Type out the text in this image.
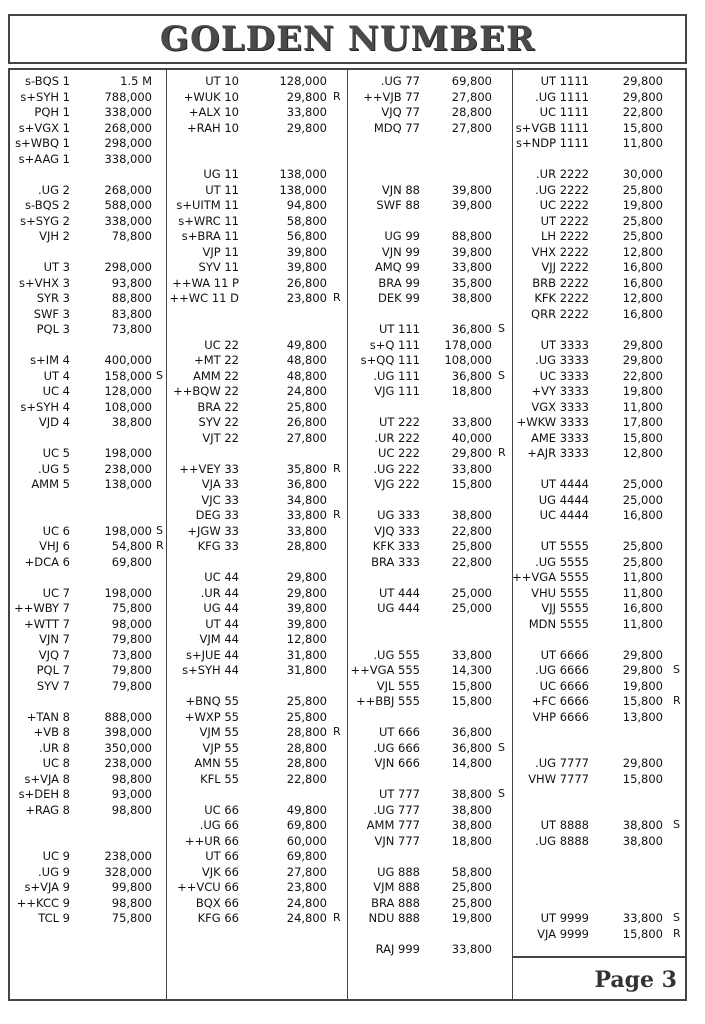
GOLDEN NUMBER
s-BQS 1	1.5 M
s+SYH 1	788,000
PQH 1	338,000
s+VGX 1	268,000
s+WBQ 1	298,000
s+AAG 1	338,000
.UG 2	268,000
s-BQS 2	588,000
s+SYG 2	338,000
VJH 2	78,800
UT 3	298,000
s+VHX 3	93,800
SYR 3	88,800
SWF 3	83,800
PQL 3	73,800
s+IM 4	400,000
UT 4	158,000 S
UC 4	128,000
s+SYH 4	108,000
VJD 4	38,800
UC 5	198,000
.UG 5	238,000
AMM 5	138,000
UC 6	198,000 S
VHJ 6	54,800 R
+DCA 6	69,800
UC 7	198,000
++WBY 7	75,800
+WTT 7	98,000
VJN 7	79,800
VJQ 7	73,800
PQL 7	79,800
SYV 7	79,800
+TAN 8	888,000
+VB 8	398,000
.UR 8	350,000
UC 8	238,000
s+VJA 8	98,800
s+DEH 8	93,000
+RAG 8	98,800
UC 9	238,000
.UG 9	328,000
s+VJA 9	99,800
++KCC 9	98,800
TCL 9	75,800
UT 10	128,000
+WUK 10	29,800 R
+ALX 10	33,800
+RAH 10	29,800
UG 11	138,000
UT 11	138,000
s+UITM 11	94,800
s+WRC 11	58,800
s+BRA 11	56,800
VJP 11	39,800
SYV 11	39,800
++WA 11 P	26,800
++WC 11 D	23,800 R
UC 22	49,800
+MT 22	48,800
AMM 22	48,800
++BQW 22	24,800
BRA 22	25,800
SYV 22	26,800
VJT 22	27,800
++VEY 33	35,800 R
VJA 33	36,800
VJC 33	34,800
DEG 33	33,800 R
+JGW 33	33,800
KFG 33	28,800
UC 44	29,800
.UR 44	29,800
UG 44	39,800
UT 44	39,800
VJM 44	12,800
s+JUE 44	31,800
s+SYH 44	31,800
+BNQ 55	25,800
+WXP 55	25,800
VJM 55	28,800 R
VJP 55	28,800
AMN 55	28,800
KFL 55	22,800
UC 66	49,800
.UG 66	69,800
++UR 66	60,000
UT 66	69,800
VJK 66	27,800
++VCU 66	23,800
BQX 66	24,800
KFG 66	24,800 R
.UG 77	69,800
++VJB 77	27,800
VJQ 77	28,800
MDQ 77	27,800
VJN 88	39,800
SWF 88	39,800
UG 99	88,800
VJN 99	39,800
AMQ 99	33,800
BRA 99	35,800
DEK 99	38,800
UT 111	36,800 S
s+Q 111 178,000
s+QQ 111 108,000
.UG 111	36,800 S
VJG 111	18,800
UT 222	33,800
.UR 222	40,000
UC 222	29,800 R
.UG 222	33,800
VJG 222	15,800
UG 333	38,800
VJQ 333	22,800
KFK 333	25,800
BRA 333	22,800
UT 444	25,000
UG 444	25,000
.UG 555	33,800
++VGA 555	14,300
VJL 555	15,800
++BBJ 555	15,800
UT 666	36,800
.UG 666	36,800 S
VJN 666	14,800
UT 777	38,800 S
.UG 777	38,800
AMM 777	38,800
VJN 777	18,800
UG 888	58,800
VJM 888	25,800
BRA 888	25,800
NDU 888	19,800
RAJ 999	33,800
UT 1111	29,800
.UG 1111	29,800
UC 1111	22,800
s+VGB 1111	15,800
s+NDP 1111	11,800
.UR 2222	30,000
.UG 2222	25,800
UC 2222	19,800
UT 2222	25,800
LH 2222	25,800
VHX 2222	12,800
VJJ 2222	16,800
BRB 2222	16,800
KFK 2222	12,800
QRR 2222	16,800
UT 3333	29,800
.UG 3333	29,800
UC 3333	22,800
+VY 3333	19,800
VGX 3333	11,800
+WKW 3333	17,800
AME 3333	15,800
+AJR 3333	12,800
UT 4444	25,000
UG 4444	25,000
UC 4444	16,800
UT 5555	25,800
.UG 5555	25,800
++VGA 5555	11,800
VHU 5555	11,800
VJJ 5555	16,800
MDN 5555	11,800
UT 6666	29,800
.UG 6666	29,800 S
UC 6666	19,800
+FC 6666	15,800 R
VHP 6666	13,800
.UG 7777	29,800
VHW 7777	15,800
UT 8888	38,800 S
.UG 8888	38,800
UT 9999	33,800 S
VJA 9999	15,800 R
Page 3
